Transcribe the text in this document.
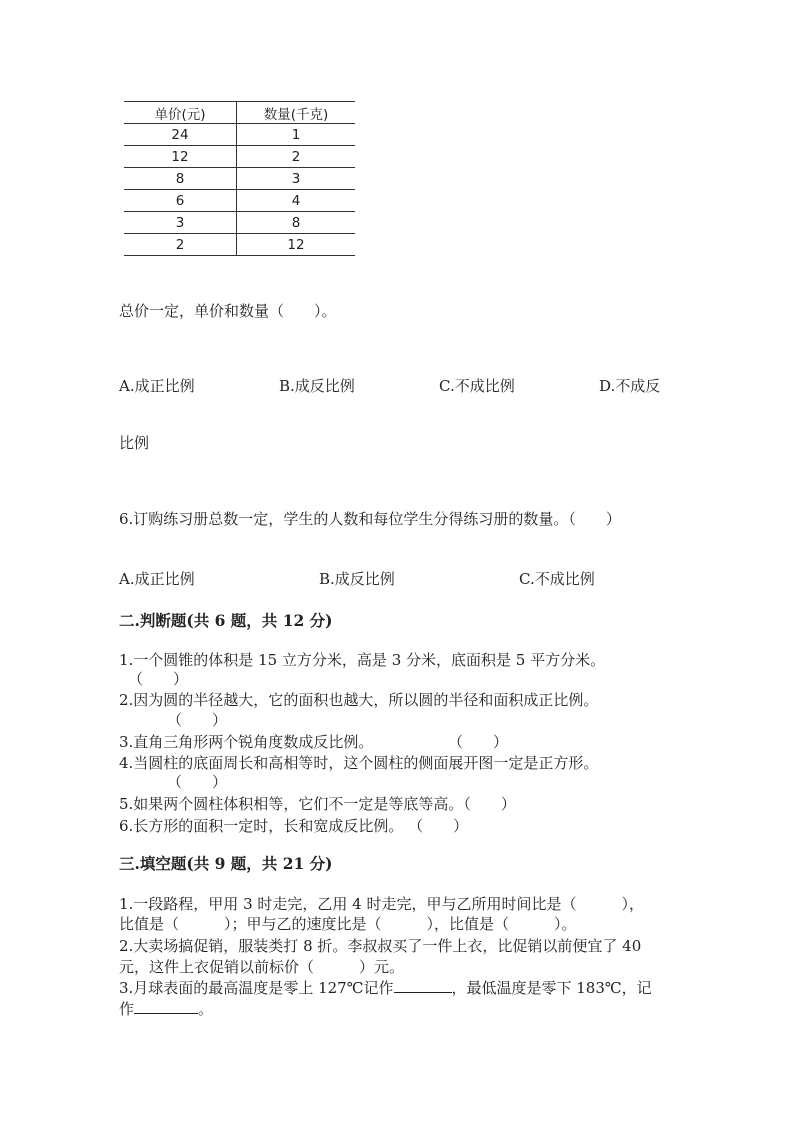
单价(元)	数量(千克)
24	1
12	2
8	3
6	4
3	8
2	12
总价一定，单价和数量（　　）。
A.成正比例	B.成反比例	C.不成比例	D.不成反
比例
6.订购练习册总数一定，学生的人数和每位学生分得练习册的数量。（　　）
A.成正比例	B.成反比例	C.不成比例
二.判断题(共 6 题，共 12 分)
1.一个圆锥的体积是 15 立方分米，高是 3 分米，底面积是 5 平方分米。
（　　）
2.因为圆的半径越大，它的面积也越大，所以圆的半径和面积成正比例。
（　　）
3.直角三角形两个锐角度数成反比例。	（　　）
4.当圆柱的底面周长和高相等时，这个圆柱的侧面展开图一定是正方形。
（　　）
5.如果两个圆柱体积相等，它们不一定是等底等高。（　　）
6.长方形的面积一定时，长和宽成反比例。 （　　）
三.填空题(共 9 题，共 21 分)
1.一段路程，甲用 3 时走完，乙用 4 时走完，甲与乙所用时间比是（　　　），
比值是（　　　）；甲与乙的速度比是（　　　），比值是（　　　）。
2.大卖场搞促销，服装类打 8 折。李叔叔买了一件上衣，比促销以前便宜了 40
元，这件上衣促销以前标价（　　　）元。
3.月球表面的最高温度是零上 127℃记作	，最低温度是零下 183℃，记
作	。
